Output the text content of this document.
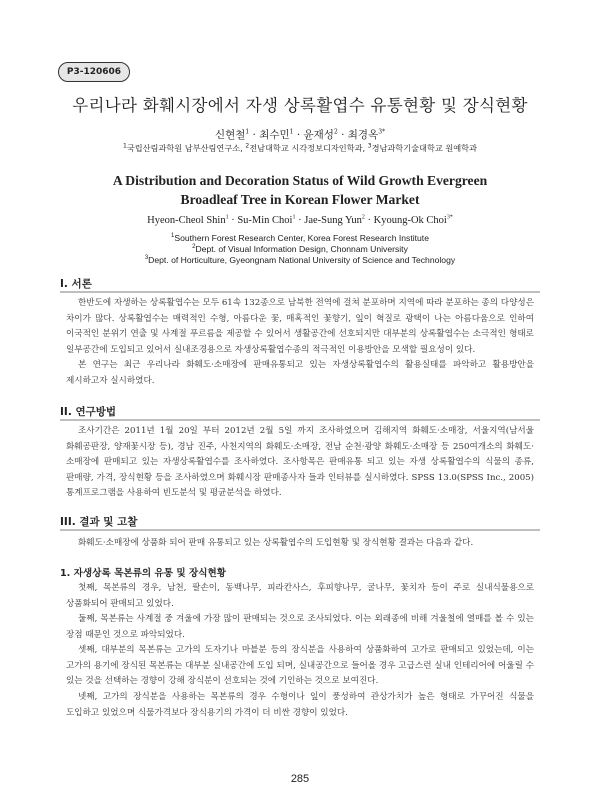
P3-120606
우리나라 화훼시장에서 자생 상록활엽수 유통현황 및 장식현황
신현철$^1$ · 최수민$^1$ · 윤재성$^2$ · 최경옥$^{3*}$
$^1$국립산림과학원 남부산림연구소, $^2$전남대학교 시각정보디자인학과, $^3$경남과학기술대학교 원예학과
A Distribution and Decoration Status of Wild Growth Evergreen
Broadleaf Tree in Korean Flower Market
Hyeon-Cheol Shin$^1$ · Su-Min Choi$^1$ · Jae-Sung Yun$^2$ · Kyoung-Ok Choi$^{3*}$
$^1$Southern Forest Research Center, Korea Forest Research Institute
$^2$Dept. of Visual Information Design, Chonnam University
$^3$Dept. of Horticulture, Gyeongnam National University of Science and Technology
I. 서론
한반도에 자생하는 상록활엽수는 모두 61속 132종으로 남북한 전역에 걸쳐 분포하며 지역에 따라 분포하는 종의 다양성은 차이가 많다. 상록활엽수는 매력적인 수형, 아름다운 꽃, 매혹적인 꽃향기, 잎이 혁질로 광택이 나는 아름다움으로 인하여 이국적인 분위기 연출 및 사계절 푸르름을 제공할 수 있어서 생활공간에 선호되지만 대부분의 상록활엽수는 소극적인 형태로 일부공간에 도입되고 있어서 실내조경용으로 자생상록활엽수종의 적극적인 이용방안을 모색할 필요성이 있다.
본 연구는 최근 우리나라 화훼도·소매장에 판매유통되고 있는 자생상록활엽수의 활용실태를 파악하고 활용방안을 제시하고자 실시하였다.
II. 연구방법
조사기간은 2011년 1월 20일 부터 2012년 2월 5일 까지 조사하였으며 김해지역 화훼도·소매장, 서울지역(남서울 화훼공판장, 양재꽃시장 등), 경남 진주, 사천지역의 화훼도·소매장, 전남 순천·광양 화훼도·소매장 등 250여개소의 화훼도·소매장에 판매되고 있는 자생상록활엽수를 조사하였다. 조사항목은 판매유통 되고 있는 자생 상록활엽수의 식물의 종류, 판매량, 가격, 장식현황 등을 조사하였으며 화훼시장 판매종사자 들과 인터뷰를 실시하였다. SPSS 13.0(SPSS Inc., 2005) 통계프로그램을 사용하여 빈도분석 및 평균분석을 하였다.
III. 결과 및 고찰
화훼도·소매장에 상품화 되어 판매 유통되고 있는 상록활엽수의 도입현황 및 장식현황 결과는 다음과 같다.
1. 자생상록 목본류의 유통 및 장식현황
첫째, 목본류의 경우, 남천, 팔손이, 동백나무, 피라칸사스, 후피향나무, 굴나무, 꽃치자 등이 주로 실내식물용으로 상품화되어 판매되고 있었다.
둘째, 목본류는 사계절 중 겨울에 가장 많이 판매되는 것으로 조사되었다. 이는 외래종에 비해 겨울철에 열매를 볼 수 있는 장점 때문인 것으로 파악되었다.
셋째, 대부분의 목본류는 고가의 도자기나 마블분 등의 장식분을 사용하여 상품화하여 고가로 판매되고 있었는데, 이는 고가의 용기에 장식된 목본류는 대부분 실내공간에 도입 되며, 실내공간으로 들어올 경우 고급스런 실내 인테리어에 어울릴 수 있는 것을 선택하는 경향이 강해 장식분이 선호되는 것에 기인하는 것으로 보여진다.
넷째, 고가의 장식분을 사용하는 목본류의 경우 수형이나 잎이 풍성하여 관상가치가 높은 형태로 가꾸어진 식물을 도입하고 있었으며 식물가격보다 장식용기의 가격이 더 비싼 경향이 있었다.
285
